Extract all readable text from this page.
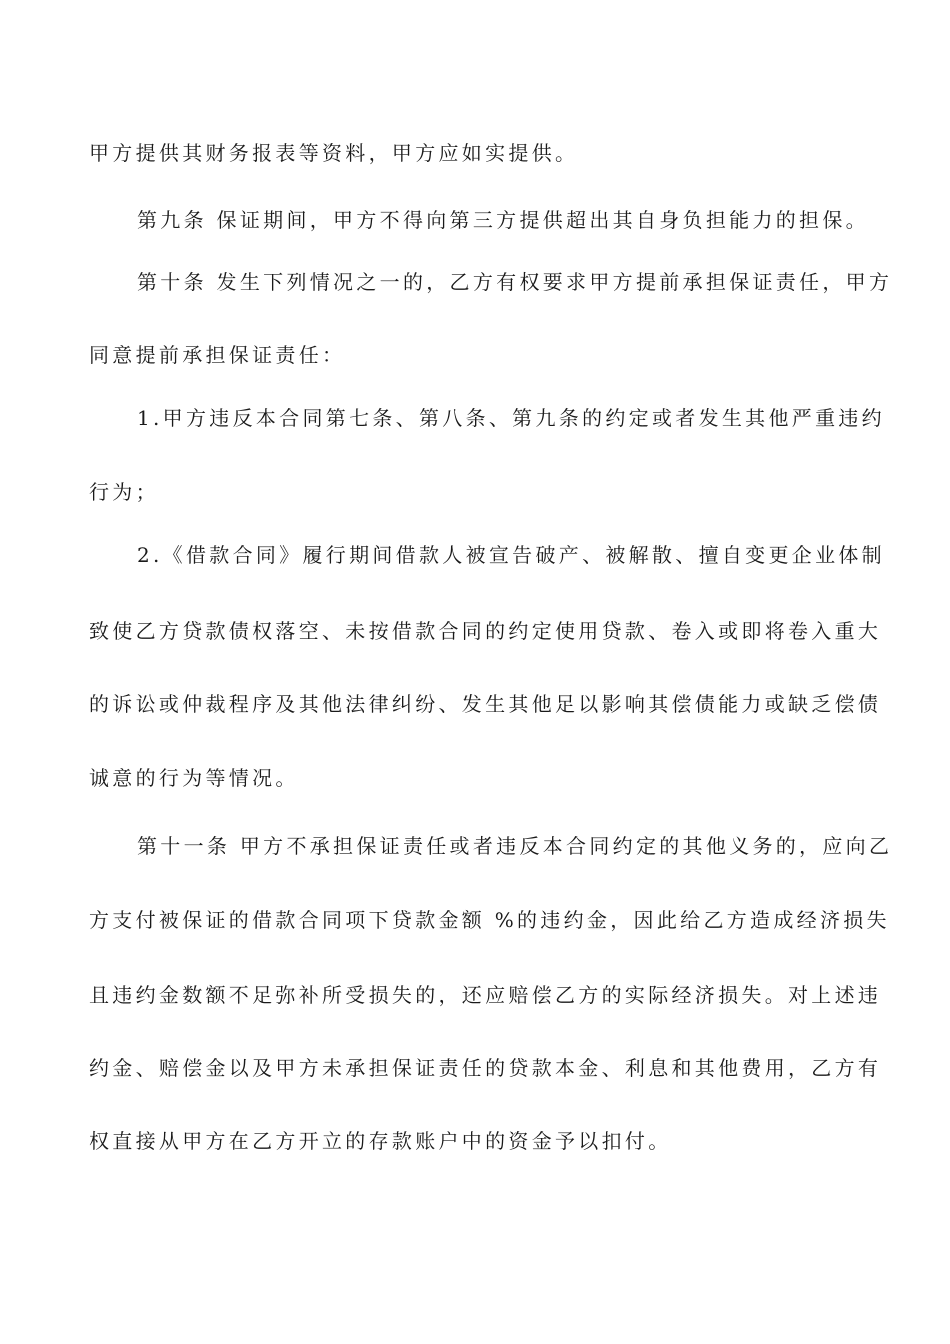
甲方提供其财务报表等资料，甲方应如实提供。
第九条 保证期间，甲方不得向第三方提供超出其自身负担能力的担保。
第十条 发生下列情况之一的，乙方有权要求甲方提前承担保证责任，甲方
同意提前承担保证责任：
1.甲方违反本合同第七条、第八条、第九条的约定或者发生其他严重违约
行为；
2.《借款合同》履行期间借款人被宣告破产、被解散、擅自变更企业体制
致使乙方贷款债权落空、未按借款合同的约定使用贷款、卷入或即将卷入重大
的诉讼或仲裁程序及其他法律纠纷、发生其他足以影响其偿债能力或缺乏偿债
诚意的行为等情况。
第十一条 甲方不承担保证责任或者违反本合同约定的其他义务的，应向乙
方支付被保证的借款合同项下贷款金额 %的违约金，因此给乙方造成经济损失
且违约金数额不足弥补所受损失的，还应赔偿乙方的实际经济损失。对上述违
约金、赔偿金以及甲方未承担保证责任的贷款本金、利息和其他费用，乙方有
权直接从甲方在乙方开立的存款账户中的资金予以扣付。
